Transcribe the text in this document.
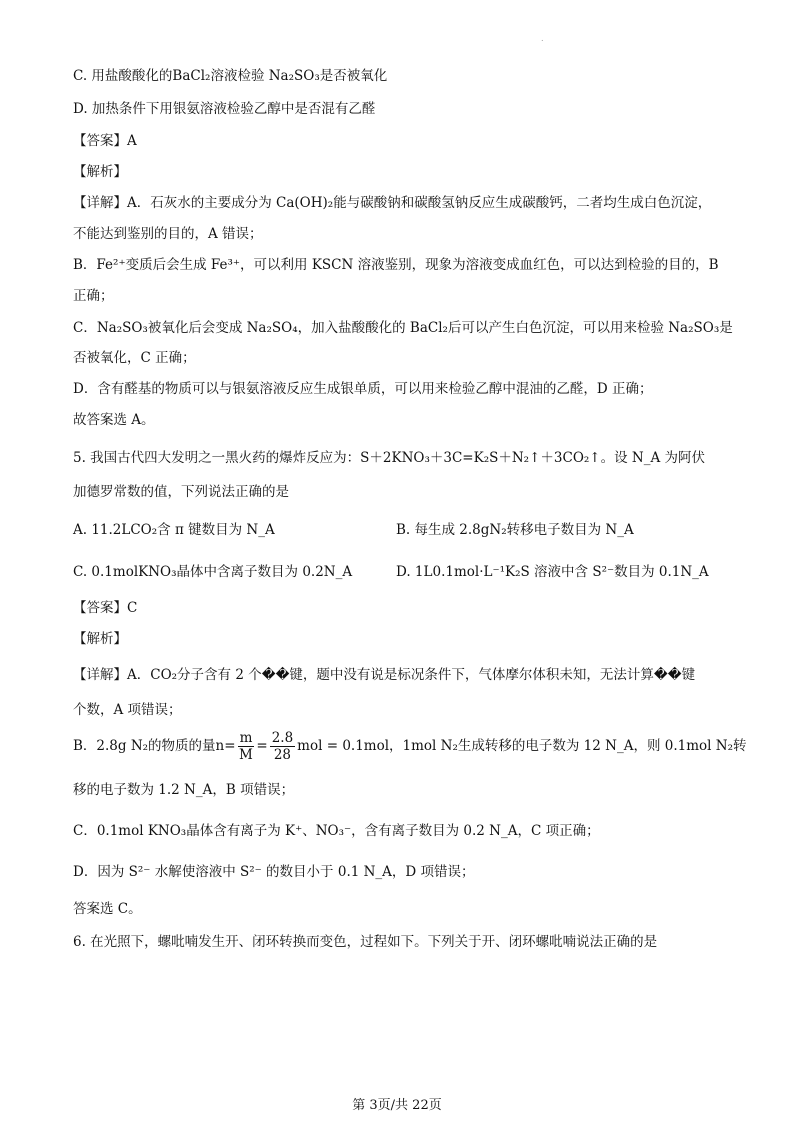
.
C. 用盐酸酸化的BaCl₂溶液检验 Na₂SO₃是否被氧化
D. 加热条件下用银氨溶液检验乙醇中是否混有乙醛
【答案】A
【解析】
【详解】A．石灰水的主要成分为 Ca(OH)₂能与碳酸钠和碳酸氢钠反应生成碳酸钙，二者均生成白色沉淀，
不能达到鉴别的目的，A 错误；
B．Fe²⁺变质后会生成 Fe³⁺，可以利用 KSCN 溶液鉴别，现象为溶液变成血红色，可以达到检验的目的，B
正确；
C．Na₂SO₃被氧化后会变成 Na₂SO₄，加入盐酸酸化的 BaCl₂后可以产生白色沉淀，可以用来检验 Na₂SO₃是
否被氧化，C 正确；
D．含有醛基的物质可以与银氨溶液反应生成银单质，可以用来检验乙醇中混油的乙醛，D 正确；
故答案选 A。
5. 我国古代四大发明之一黑火药的爆炸反应为：S＋2KNO₃＋3C=K₂S＋N₂↑＋3CO₂↑。设 N_A 为阿伏
加德罗常数的值，下列说法正确的是
A. 11.2LCO₂含 π 键数目为 N_A	B. 每生成 2.8gN₂转移电子数目为 N_A
C. 0.1molKNO₃晶体中含离子数目为 0.2N_A	D. 1L0.1mol·L⁻¹K₂S 溶液中含 S²⁻数目为 0.1N_A
【答案】C
【解析】
【详解】A．CO₂分子含有 2 个��键，题中没有说是标况条件下，气体摩尔体积未知，无法计算��键
个数，A 项错误；
B．2.8g N₂的物质的量$n= \frac{m}{M} = \frac{2.8}{28}$ mol = 0.1mol，1mol N₂生成转移的电子数为 12 N_A，则 0.1mol N₂转
移的电子数为 1.2 N_A，B 项错误；
C．0.1mol KNO₃晶体含有离子为 K⁺、NO₃⁻，含有离子数目为 0.2 N_A，C 项正确；
D．因为 S²⁻ 水解使溶液中 S²⁻ 的数目小于 0.1 N_A，D 项错误；
答案选 C。
6. 在光照下，螺吡喃发生开、闭环转换而变色，过程如下。下列关于开、闭环螺吡喃说法正确的是
第 3页/共 22页
